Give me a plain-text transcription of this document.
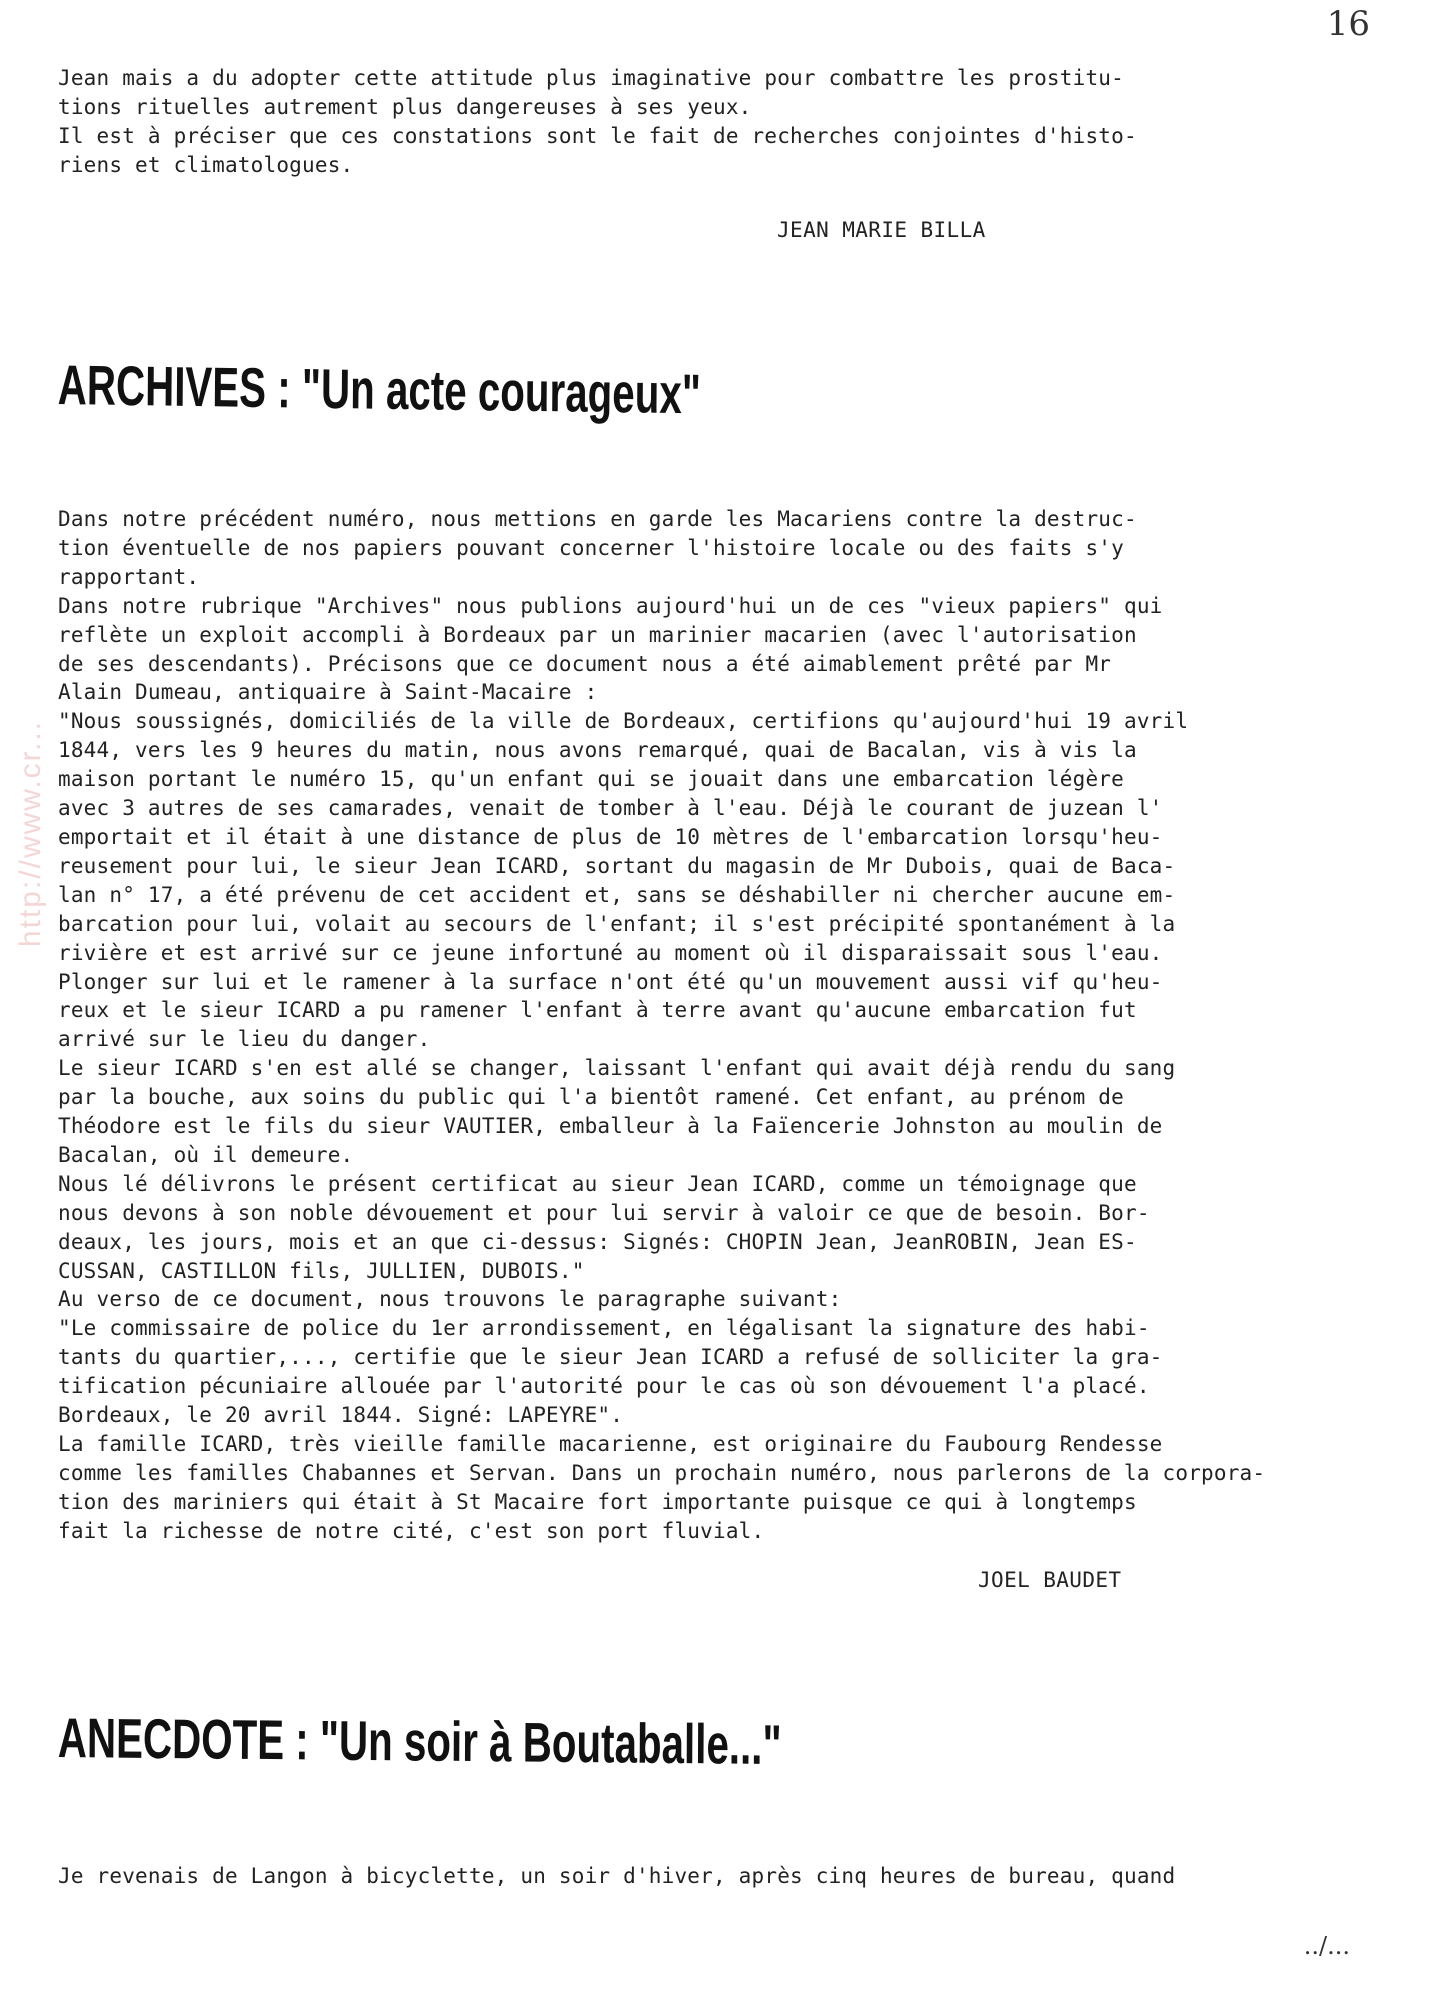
16
http://www.cr...

Jean mais a du adopter cette attitude plus imaginative pour combattre les prostitu-

tions rituelles autrement plus dangereuses à ses yeux.

Il est à préciser que ces constations sont le fait de recherches conjointes d'histo-

riens et climatologues.

JEAN MARIE BILLA
ARCHIVES : "Un acte courageux"

Dans notre précédent numéro, nous mettions en garde les Macariens contre la destruc-

tion éventuelle de nos papiers pouvant concerner l'histoire locale ou des faits s'y

rapportant.

Dans notre rubrique "Archives" nous publions aujourd'hui un de ces "vieux papiers" qui

reflète un exploit accompli à Bordeaux par un marinier macarien (avec l'autorisation

de ses descendants). Précisons que ce document nous a été aimablement prêté par Mr

Alain Dumeau, antiquaire à Saint-Macaire :

"Nous soussignés, domiciliés de la ville de Bordeaux, certifions qu'aujourd'hui 19 avril

1844, vers les 9 heures du matin, nous avons remarqué, quai de Bacalan, vis à vis la

maison portant le numéro 15, qu'un enfant qui se jouait dans une embarcation légère

avec 3 autres de ses camarades, venait de tomber à l'eau. Déjà le courant de juzean l'

emportait et il était à une distance de plus de 10 mètres de l'embarcation lorsqu'heu-

reusement pour lui, le sieur Jean ICARD, sortant du magasin de Mr Dubois, quai de Baca-

lan n° 17, a été prévenu de cet accident et, sans se déshabiller ni chercher aucune em-

barcation pour lui, volait au secours de l'enfant; il s'est précipité spontanément à la

rivière et est arrivé sur ce jeune infortuné au moment où il disparaissait sous l'eau.

Plonger sur lui et le ramener à la surface n'ont été qu'un mouvement aussi vif qu'heu-

reux et le sieur ICARD a pu ramener l'enfant à terre avant qu'aucune embarcation fut

arrivé sur le lieu du danger.

Le sieur ICARD s'en est allé se changer, laissant l'enfant qui avait déjà rendu du sang

par la bouche, aux soins du public qui l'a bientôt ramené. Cet enfant, au prénom de

Théodore est le fils du sieur VAUTIER, emballeur à la Faïencerie Johnston au moulin de

Bacalan, où il demeure.

Nous lé délivrons le présent certificat au sieur Jean ICARD, comme un témoignage que

nous devons à son noble dévouement et pour lui servir à valoir ce que de besoin. Bor-

deaux, les jours, mois et an que ci-dessus: Signés: CHOPIN Jean, JeanROBIN, Jean ES-

CUSSAN, CASTILLON fils, JULLIEN, DUBOIS."

Au verso de ce document, nous trouvons le paragraphe suivant:

"Le commissaire de police du 1er arrondissement, en légalisant la signature des habi-

tants du quartier,..., certifie que le sieur Jean ICARD a refusé de solliciter la gra-

tification pécuniaire allouée par l'autorité pour le cas où son dévouement l'a placé.

Bordeaux, le 20 avril 1844. Signé: LAPEYRE".

La famille ICARD, très vieille famille macarienne, est originaire du Faubourg Rendesse

comme les familles Chabannes et Servan. Dans un prochain numéro, nous parlerons de la corpora-

tion des mariniers qui était à St Macaire fort importante puisque ce qui à longtemps

fait la richesse de notre cité, c'est son port fluvial.

JOEL BAUDET
ANECDOTE : "Un soir à Boutaballe..."

Je revenais de Langon à bicyclette, un soir d'hiver, après cinq heures de bureau, quand

../...
